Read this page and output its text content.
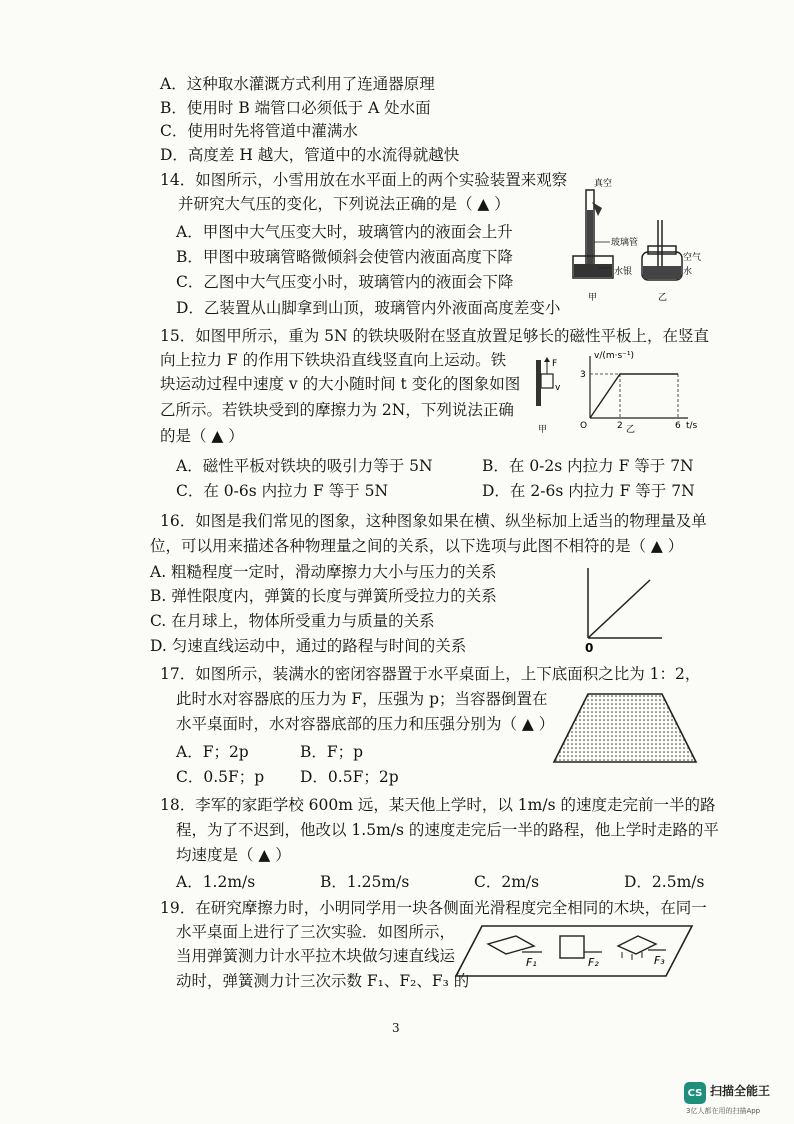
A．这种取水灌溉方式利用了连通器原理
B．使用时 B 端管口必须低于 A 处水面
C．使用时先将管道中灌满水
D．高度差 H 越大，管道中的水流得就越快
14．如图所示，小雪用放在水平面上的两个实验装置来观察
并研究大气压的变化，下列说法正确的是（ ▲ ）
A．甲图中大气压变大时，玻璃管内的液面会上升
B．甲图中玻璃管略微倾斜会使管内液面高度下降
C．乙图中大气压变小时，玻璃管内的液面会下降
D．乙装置从山脚拿到山顶，玻璃管内外液面高度差变小
真空
玻璃管
水银
甲
空气
水
乙
15．如图甲所示，重为 5N 的铁块吸附在竖直放置足够长的磁性平板上，在竖直
向上拉力 F 的作用下铁块沿直线竖直向上运动。铁
块运动过程中速度 v 的大小随时间 t 变化的图象如图
乙所示。若铁块受到的摩擦力为 2N，下列说法正确
的是（ ▲ ）
A．磁性平板对铁块的吸引力等于 5N	B．在 0-2s 内拉力 F 等于 7N
C．在 0-6s 内拉力 F 等于 5N	D．在 2-6s 内拉力 F 等于 7N
F
v
甲
v/(m·s⁻¹)
3
O	2	6 t/s
乙
16．如图是我们常见的图象，这种图象如果在横、纵坐标加上适当的物理量及单
位，可以用来描述各种物理量之间的关系，以下选项与此图不相符的是（ ▲ ）
A. 粗糙程度一定时，滑动摩擦力大小与压力的关系
B. 弹性限度内，弹簧的长度与弹簧所受拉力的关系
C. 在月球上，物体所受重力与质量的关系
D. 匀速直线运动中，通过的路程与时间的关系	0
17．如图所示，装满水的密闭容器置于水平桌面上，上下底面积之比为 1：2，
此时水对容器底的压力为 F，压强为 p；当容器倒置在
水平桌面时，水对容器底部的压力和压强分别为（ ▲ ）
A．F；2p	B．F；p
C．0.5F；p D．0.5F；2p
18．李军的家距学校 600m 远，某天他上学时，以 1m/s 的速度走完前一半的路
程，为了不迟到，他改以 1.5m/s 的速度走完后一半的路程，他上学时走路的平
均速度是（ ▲ ）
A．1.2m/s	B．1.25m/s	C．2m/s	D．2.5m/s
19．在研究摩擦力时，小明同学用一块各侧面光滑程度完全相同的木块，在同一
水平桌面上进行了三次实验．如图所示，
当用弹簧测力计水平拉木块做匀速直线运
动时，弹簧测力计三次示数 F₁、F₂、F₃ 的
F₁	F₂	F₃
3
CS 扫描全能王
3亿人都在用的扫描App
